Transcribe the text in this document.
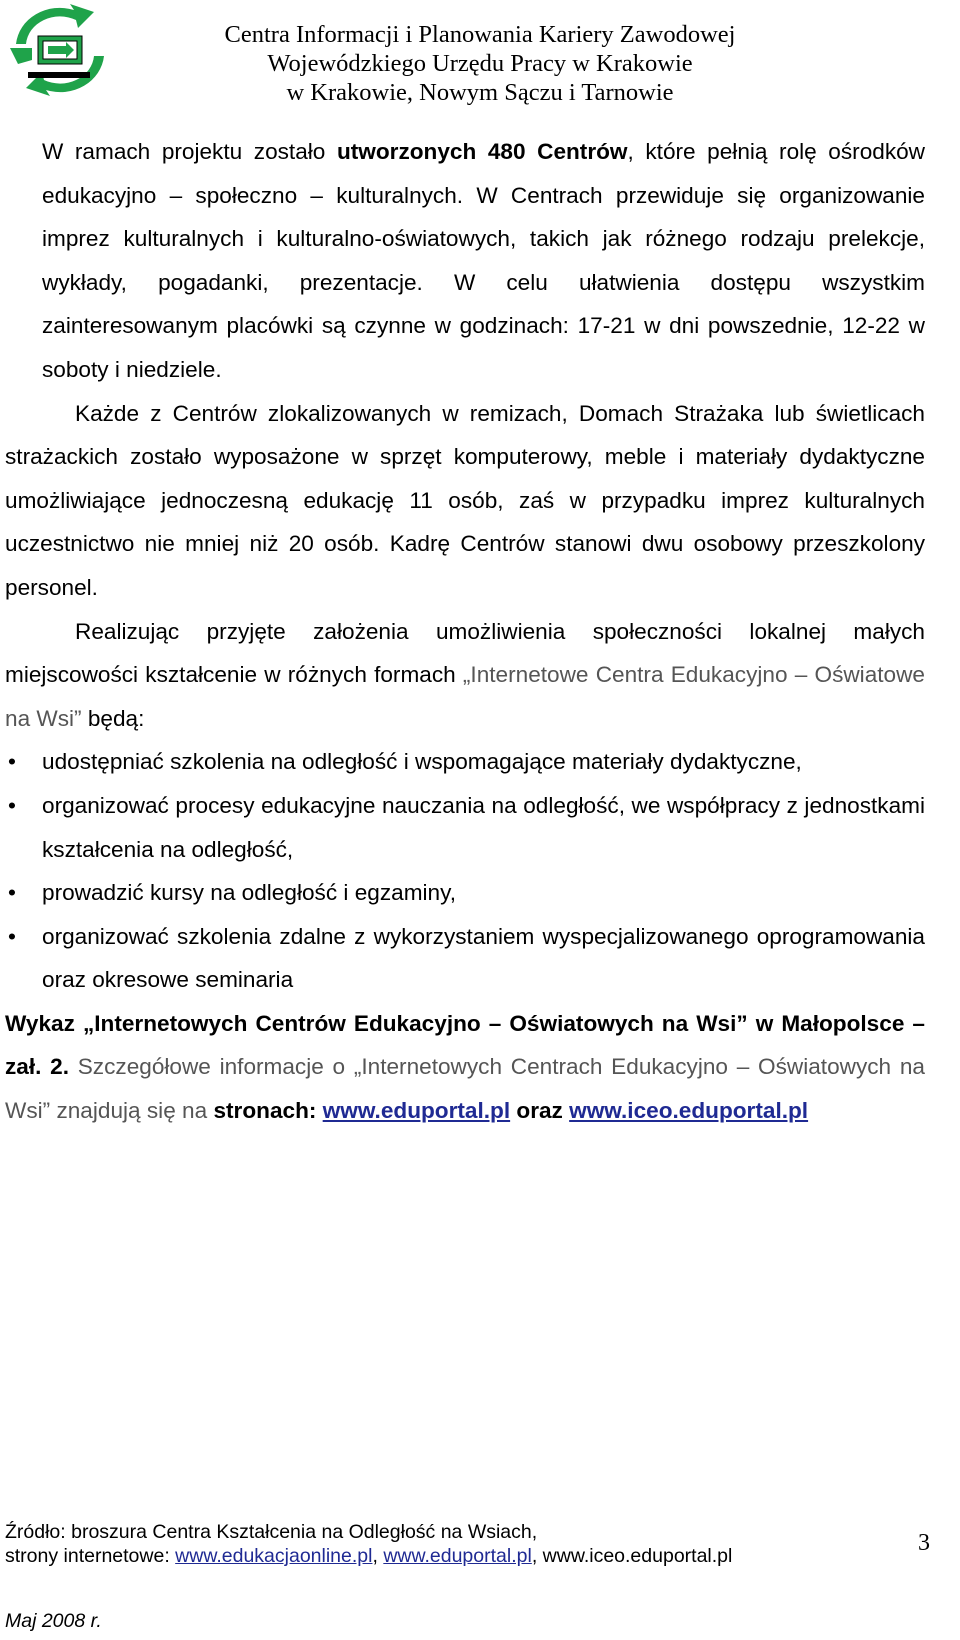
Centra Informacji i Planowania Kariery Zawodowej
Wojewódzkiego Urzędu Pracy w Krakowie
w Krakowie, Nowym Sączu i Tarnowie

W ramach projektu zostało utworzonych 480 Centrów, które pełnią rolę ośrodków edukacyjno – społeczno – kulturalnych. W Centrach przewiduje się organizowanie imprez kulturalnych i kulturalno-oświatowych, takich jak różnego rodzaju prelekcje, wykłady, pogadanki, prezentacje. W celu ułatwienia dostępu wszystkim zainteresowanym placówki są czynne w godzinach: 17-21 w dni powszednie, 12-22 w soboty i niedziele.

Każde z Centrów zlokalizowanych w remizach, Domach Strażaka lub świetlicach strażackich zostało wyposażone w sprzęt komputerowy, meble i materiały dydaktyczne umożliwiające jednoczesną edukację 11 osób, zaś w przypadku imprez kulturalnych uczestnictwo nie mniej niż 20 osób. Kadrę Centrów stanowi dwu osobowy przeszkolony personel.

Realizując przyjęte założenia umożliwienia społeczności lokalnej małych miejscowości kształcenie w różnych formach „Internetowe Centra Edukacyjno – Oświatowe na Wsi” będą:

• udostępniać szkolenia na odległość i wspomagające materiały dydaktyczne,
• organizować procesy edukacyjne nauczania na odległość, we współpracy z jednostkami kształcenia na odległość,
• prowadzić kursy na odległość i egzaminy,
• organizować szkolenia zdalne z wykorzystaniem wyspecjalizowanego oprogramowania oraz okresowe seminaria

Wykaz „Internetowych Centrów Edukacyjno – Oświatowych na Wsi” w Małopolsce – zał. 2. Szczegółowe informacje o „Internetowych Centrach Edukacyjno – Oświatowych na Wsi” znajdują się na stronach: www.eduportal.pl oraz www.iceo.eduportal.pl

Źródło: broszura Centra Kształcenia na Odległość na Wsiach,
strony internetowe: www.edukacjaonline.pl, www.eduportal.pl, www.iceo.eduportal.pl	3
Maj 2008 r.
